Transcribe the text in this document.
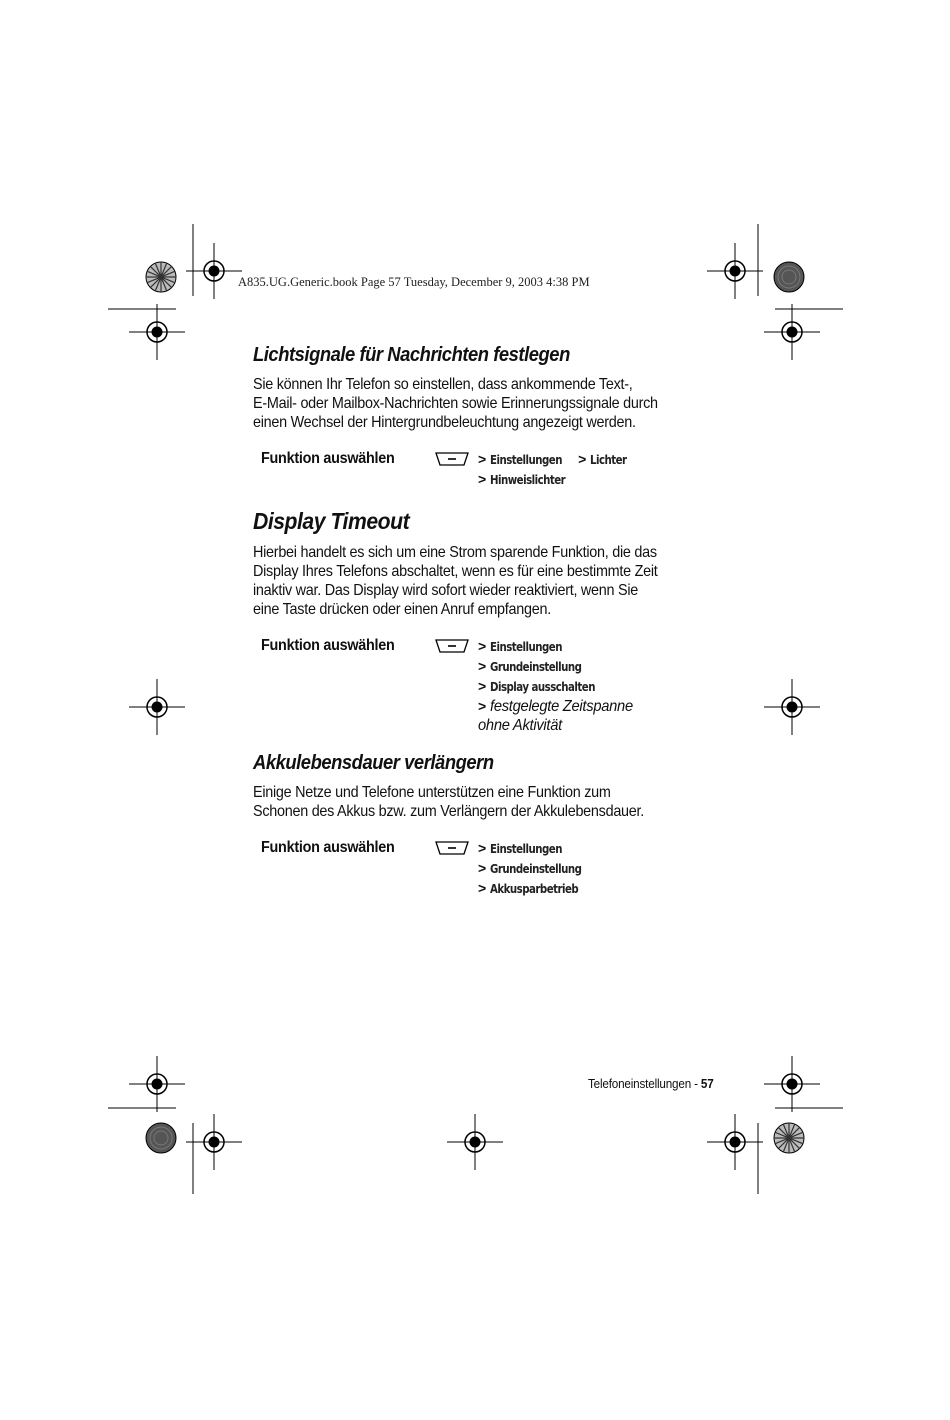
A835.UG.Generic.book Page 57 Tuesday, December 9, 2003 4:38 PM
Lichtsignale für Nachrichten festlegen

Sie können Ihr Telefon so einstellen, dass ankommende Text-,
E-Mail- oder Mailbox-Nachrichten sowie Erinnerungssignale durch
einen Wechsel der Hintergrundbeleuchtung angezeigt werden.

Funktion auswählen	> Einstellungen > Lichter
> Hinweislichter
Display Timeout

Hierbei handelt es sich um eine Strom sparende Funktion, die das
Display Ihres Telefons abschaltet, wenn es für eine bestimmte Zeit
inaktiv war. Das Display wird sofort wieder reaktiviert, wenn Sie
eine Taste drücken oder einen Anruf empfangen.

Funktion auswählen	> Einstellungen
> Grundeinstellung
> Display ausschalten
> festgelegte Zeitspanne
ohne Aktivität
Akkulebensdauer verlängern

Einige Netze und Telefone unterstützen eine Funktion zum
Schonen des Akkus bzw. zum Verlängern der Akkulebensdauer.

Funktion auswählen	> Einstellungen
> Grundeinstellung
> Akkusparbetrieb
Telefoneinstellungen - 57
